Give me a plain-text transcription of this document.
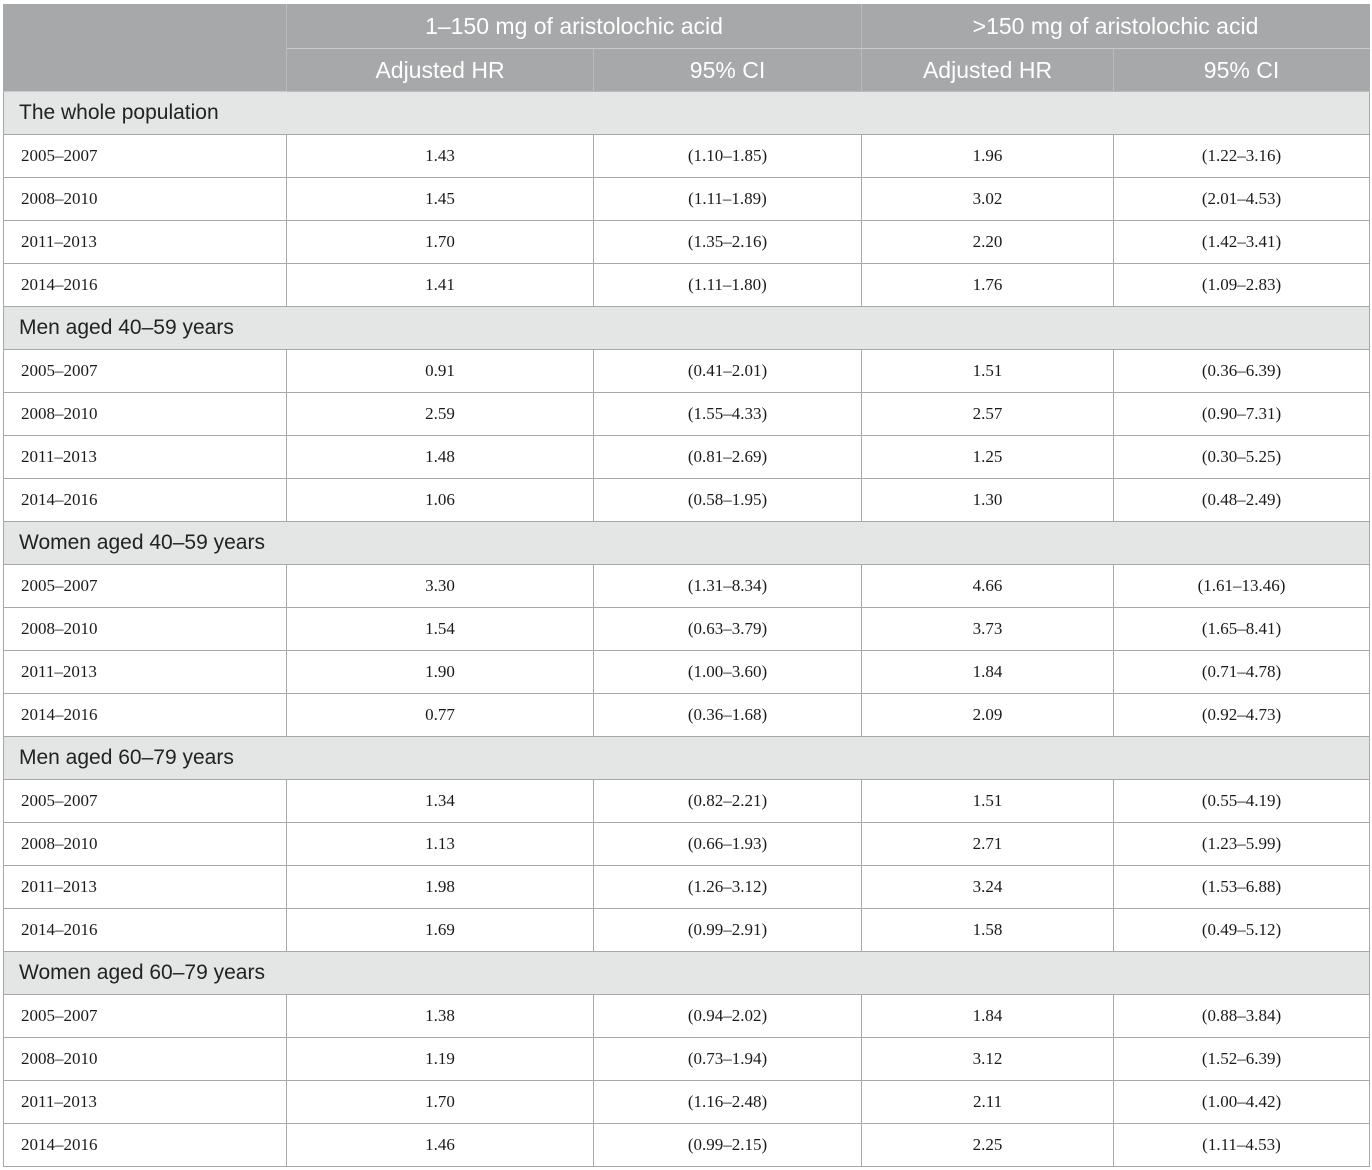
	1–150 mg of aristolochic acid		>150 mg of aristolochic acid	
	Adjusted HR	95% CI	Adjusted HR	95% CI
The whole population				
2005–2007	1.43	(1.10–1.85)	1.96	(1.22–3.16)
2008–2010	1.45	(1.11–1.89)	3.02	(2.01–4.53)
2011–2013	1.70	(1.35–2.16)	2.20	(1.42–3.41)
2014–2016	1.41	(1.11–1.80)	1.76	(1.09–2.83)
Men aged 40–59 years				
2005–2007	0.91	(0.41–2.01)	1.51	(0.36–6.39)
2008–2010	2.59	(1.55–4.33)	2.57	(0.90–7.31)
2011–2013	1.48	(0.81–2.69)	1.25	(0.30–5.25)
2014–2016	1.06	(0.58–1.95)	1.30	(0.48–2.49)
Women aged 40–59 years				
2005–2007	3.30	(1.31–8.34)	4.66	(1.61–13.46)
2008–2010	1.54	(0.63–3.79)	3.73	(1.65–8.41)
2011–2013	1.90	(1.00–3.60)	1.84	(0.71–4.78)
2014–2016	0.77	(0.36–1.68)	2.09	(0.92–4.73)
Men aged 60–79 years				
2005–2007	1.34	(0.82–2.21)	1.51	(0.55–4.19)
2008–2010	1.13	(0.66–1.93)	2.71	(1.23–5.99)
2011–2013	1.98	(1.26–3.12)	3.24	(1.53–6.88)
2014–2016	1.69	(0.99–2.91)	1.58	(0.49–5.12)
Women aged 60–79 years				
2005–2007	1.38	(0.94–2.02)	1.84	(0.88–3.84)
2008–2010	1.19	(0.73–1.94)	3.12	(1.52–6.39)
2011–2013	1.70	(1.16–2.48)	2.11	(1.00–4.42)
2014–2016	1.46	(0.99–2.15)	2.25	(1.11–4.53)
